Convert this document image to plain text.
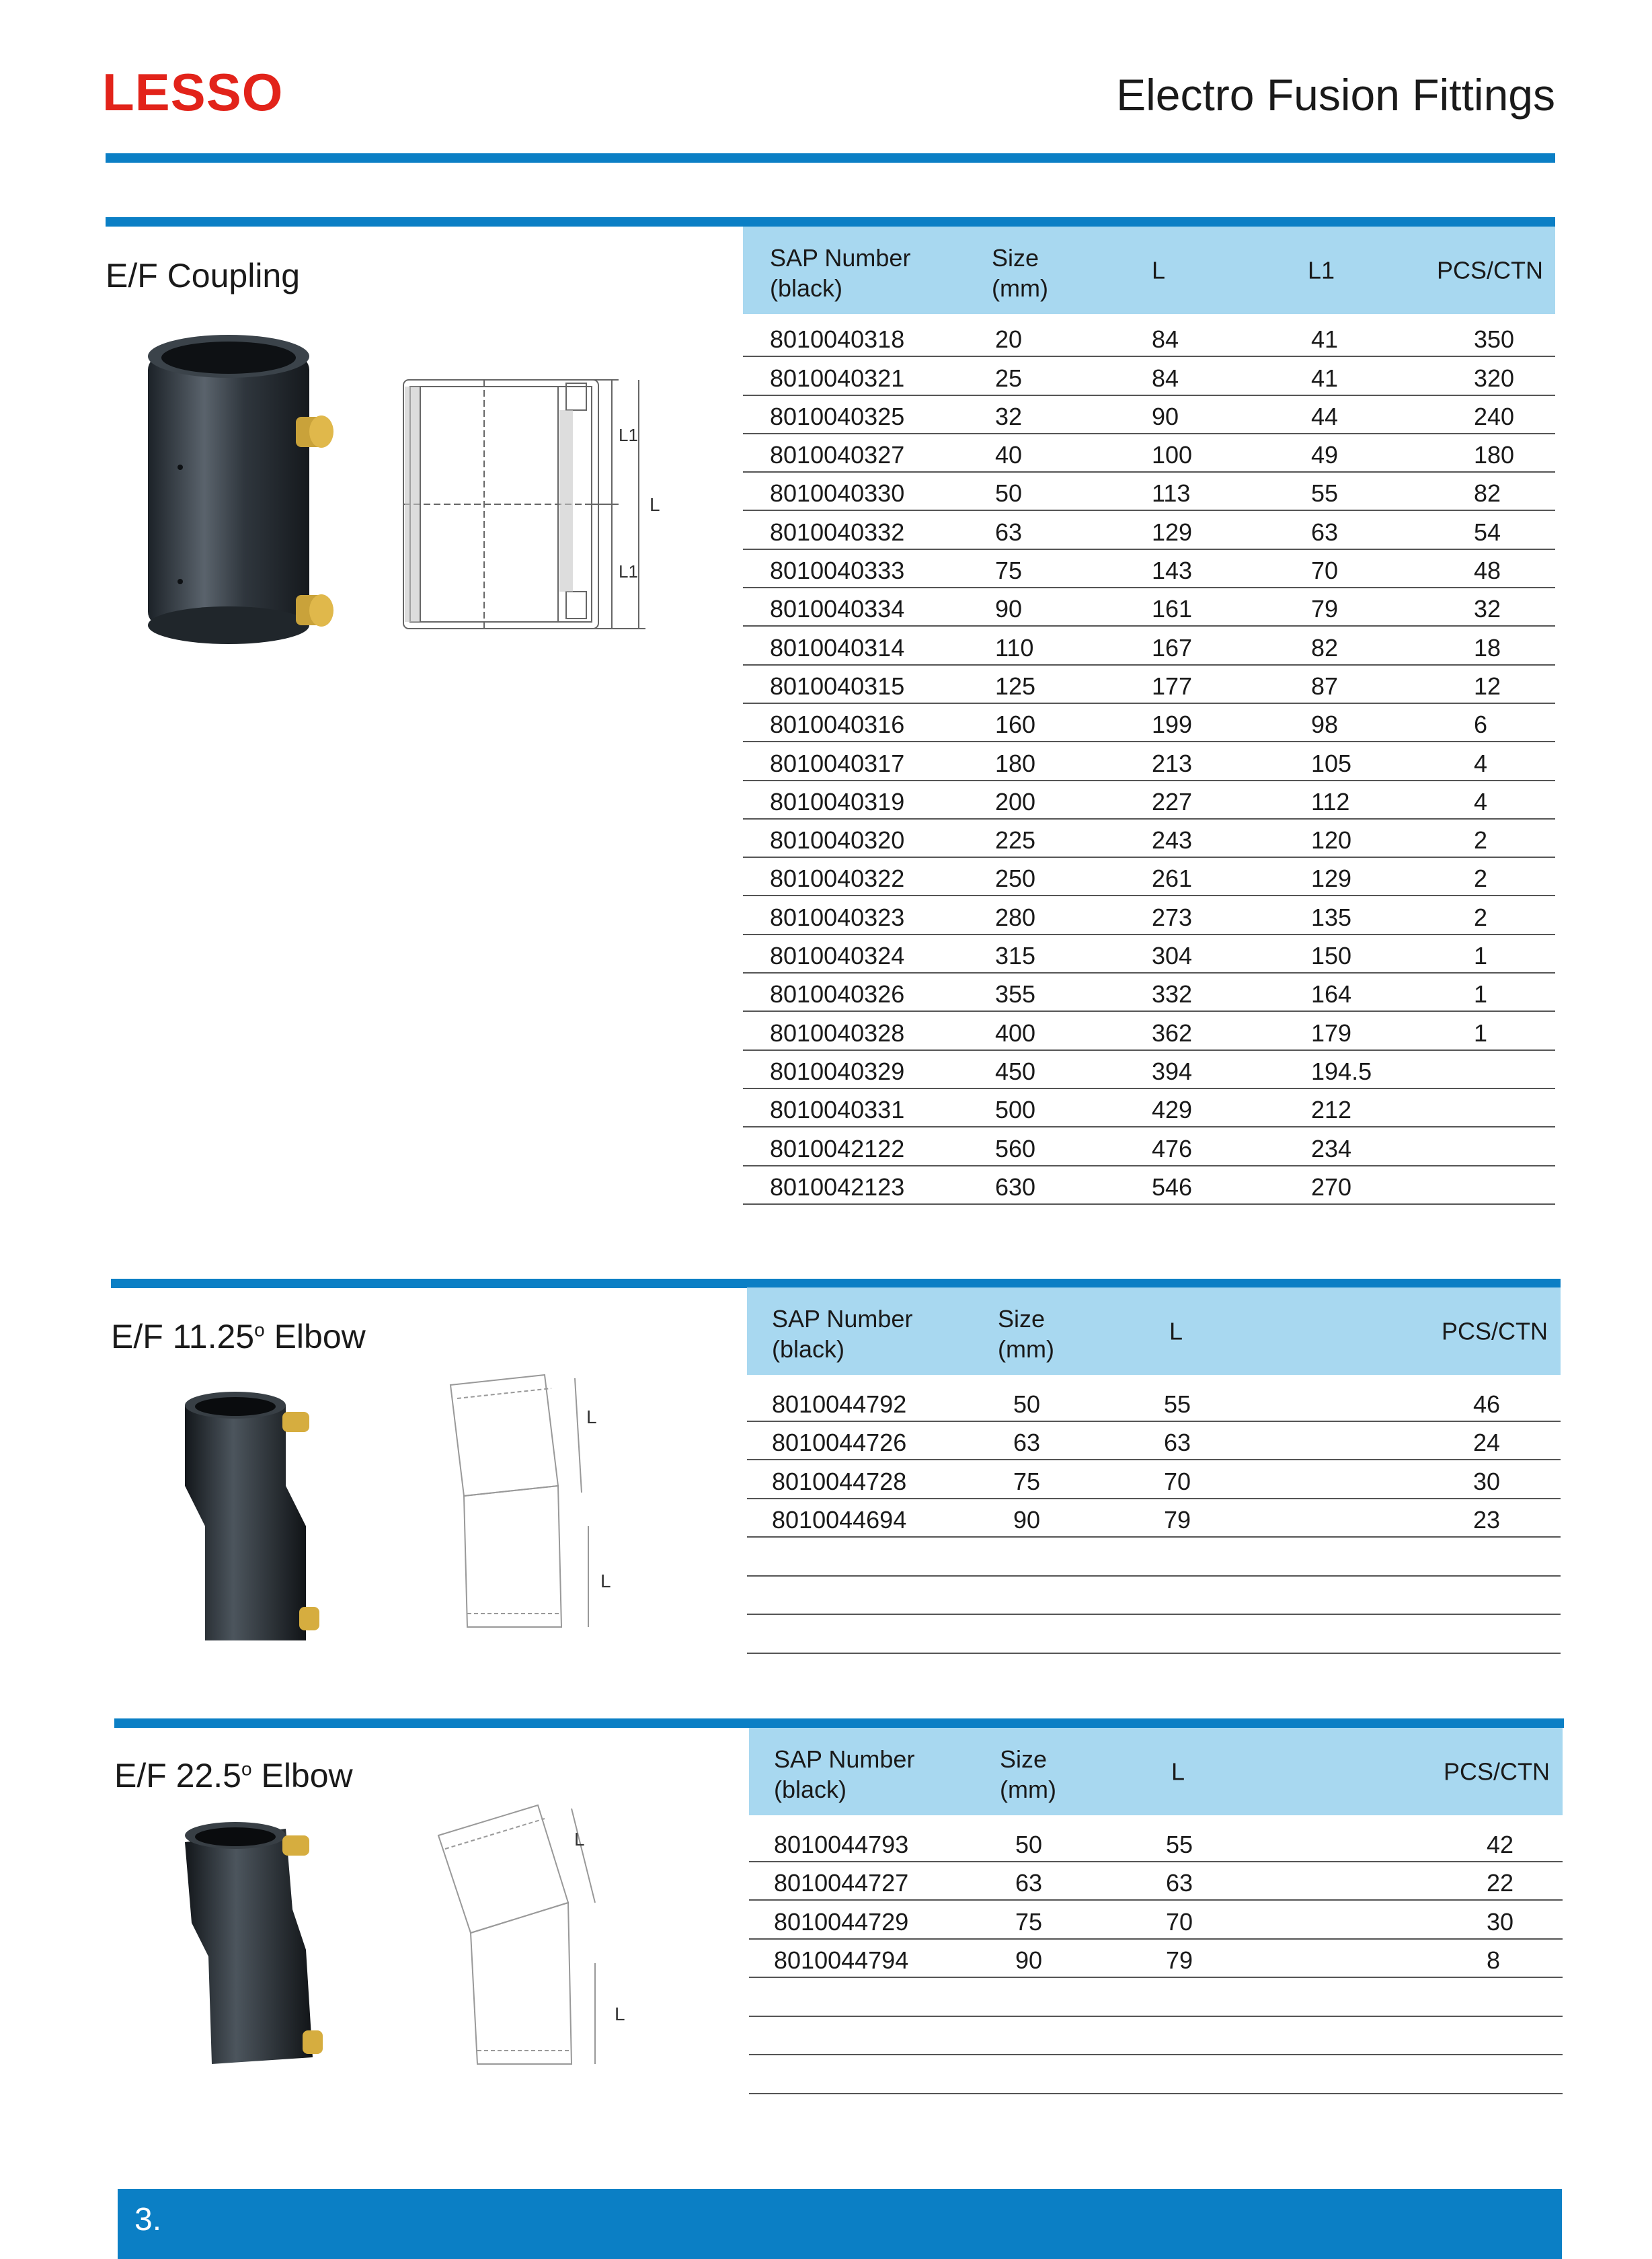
LESSO	Electro Fusion Fittings
E/F Coupling
L1
L
L1
SAP Number
(black)
Size
(mm)
L	L1	PCS/CTN
8010040318	20	84	41	350
8010040321	25	84	41	320
8010040325	32	90	44	240
8010040327	40	100	49	180
8010040330	50	113	55	82
8010040332	63	129	63	54
8010040333	75	143	70	48
8010040334	90	161	79	32
8010040314	110	167	82	18
8010040315	125	177	87	12
8010040316	160	199	98	6
8010040317	180	213	105	4
8010040319	200	227	112	4
8010040320	225	243	120	2
8010040322	250	261	129	2
8010040323	280	273	135	2
8010040324	315	304	150	1
8010040326	355	332	164	1
8010040328	400	362	179	1
8010040329	450	394	194.5
8010040331	500	429	212
8010042122	560	476	234
8010042123	630	546	270
E/F 11.25$^o$ Elbow
L
L
SAP Number
(black)
Size
(mm)
L	PCS/CTN
8010044792	50	55	46
8010044726	63	63	24
8010044728	75	70	30
8010044694	90	79	23
E/F 22.5$^o$ Elbow
L
L
SAP Number
(black)
Size
(mm)
L	PCS/CTN
8010044793	50	55	42
8010044727	63	63	22
8010044729	75	70	30
8010044794	90	79	8
3.
